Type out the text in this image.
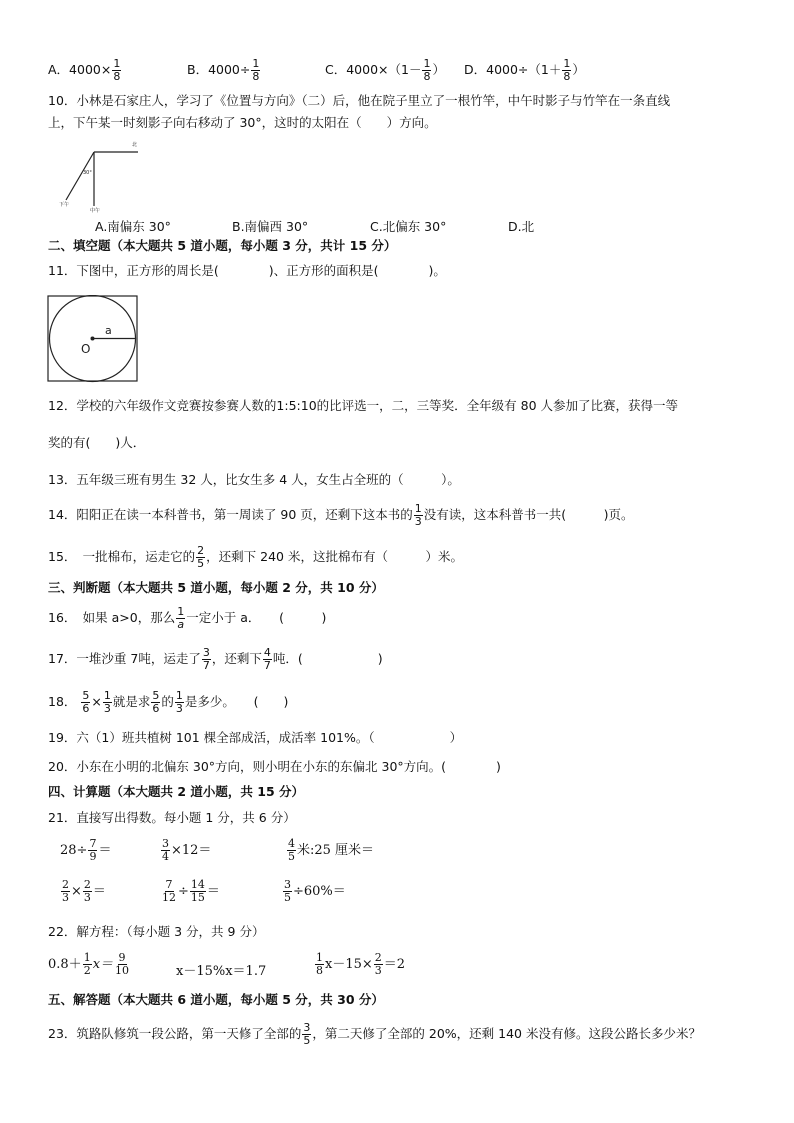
A．$4000\times \frac{1}{8}$	B．$4000\div \frac{1}{8}$	C．$4000\times(1- \frac{1}{8}$ ） D．$4000\div(1+ \frac{1}{8}$ ）
10．小林是石家庄人，学习了《位置与方向》（二）后，他在院子里立了一根竹竿，中午时影子与竹竿在一条直线
上，下午某一时刻影子向右移动了 30°，这时的太阳在（　　）方向。
北
30°
下午
中午
A.南偏东 30°	B.南偏西 30°	C.北偏东 30°	D.北
二、填空题（本大题共 5 道小题，每小题 3 分，共计 15 分）
11．下图中，正方形的周长是(　　　　)、正方形的面积是(　　　　)。
a
O
12．学校的六年级作文竞赛按参赛人数的1:5:10的比评选一，二，三等奖．全年级有 80 人参加了比赛，获得一等
奖的有(　　)人．
13．五年级三班有男生 32 人，比女生多 4 人，女生占全班的（　　　）。
14．阳阳正在读一本科普书，第一周读了 90 页，还剩下这本书的 $\frac{1}{3}$ 没有读，这本科普书一共(　　　)页。
15．　一批棉布，运走它的 $\frac{2}{5}$ ，还剩下 240 米，这批棉布有（　　　）米。
三、判断题（本大题共 5 道小题，每小题 2 分，共 10 分）
16．　如果 a>0，那么 $\frac{1}{a}$ 一定小于 a．　　(　　　)
17．一堆沙重 7吨，运走了 $\frac{3}{7}$ ，还剩下 $\frac{4}{7}$ 吨．(　　　　　　)
18． $\frac{5}{6} \times \frac{1}{3}$ 就是求 $\frac{5}{6}$ 的 $\frac{1}{3}$ 是多少。　　(　　)
19．六（1）班共植树 101 棵全部成活，成活率 101%。（　　　　　　）
20．小东在小明的北偏东 30°方向，则小明在小东的东偏北 30°方向。(　　　　)
四、计算题（本大题共 2 道小题，共 15 分）
21．直接写出得数。每小题 1 分，共 6 分）
$28\div \frac{7}{9}$ ＝	$\frac{3}{4} \times 12=$	$\frac{4}{5}$ 米:25 厘米＝
$\frac{2}{3} \times \frac{2}{3}$ ＝	$\frac{7}{12} \div \frac{14}{15}$ ＝	$\frac{3}{5} \div 60\%=$
22．解方程：（每小题 3 分，共 9 分）
$0.8+ \frac{1}{2} x= \frac{9}{10}$	x－15%x＝1.7	$\frac{1}{8} x-15\times \frac{2}{3} =2$
五、解答题（本大题共 6 道小题，每小题 5 分，共 30 分）
23．筑路队修筑一段公路，第一天修了全部的 $\frac{3}{5}$ ，第二天修了全部的 20%，还剩 140 米没有修。这段公路长多少米？
